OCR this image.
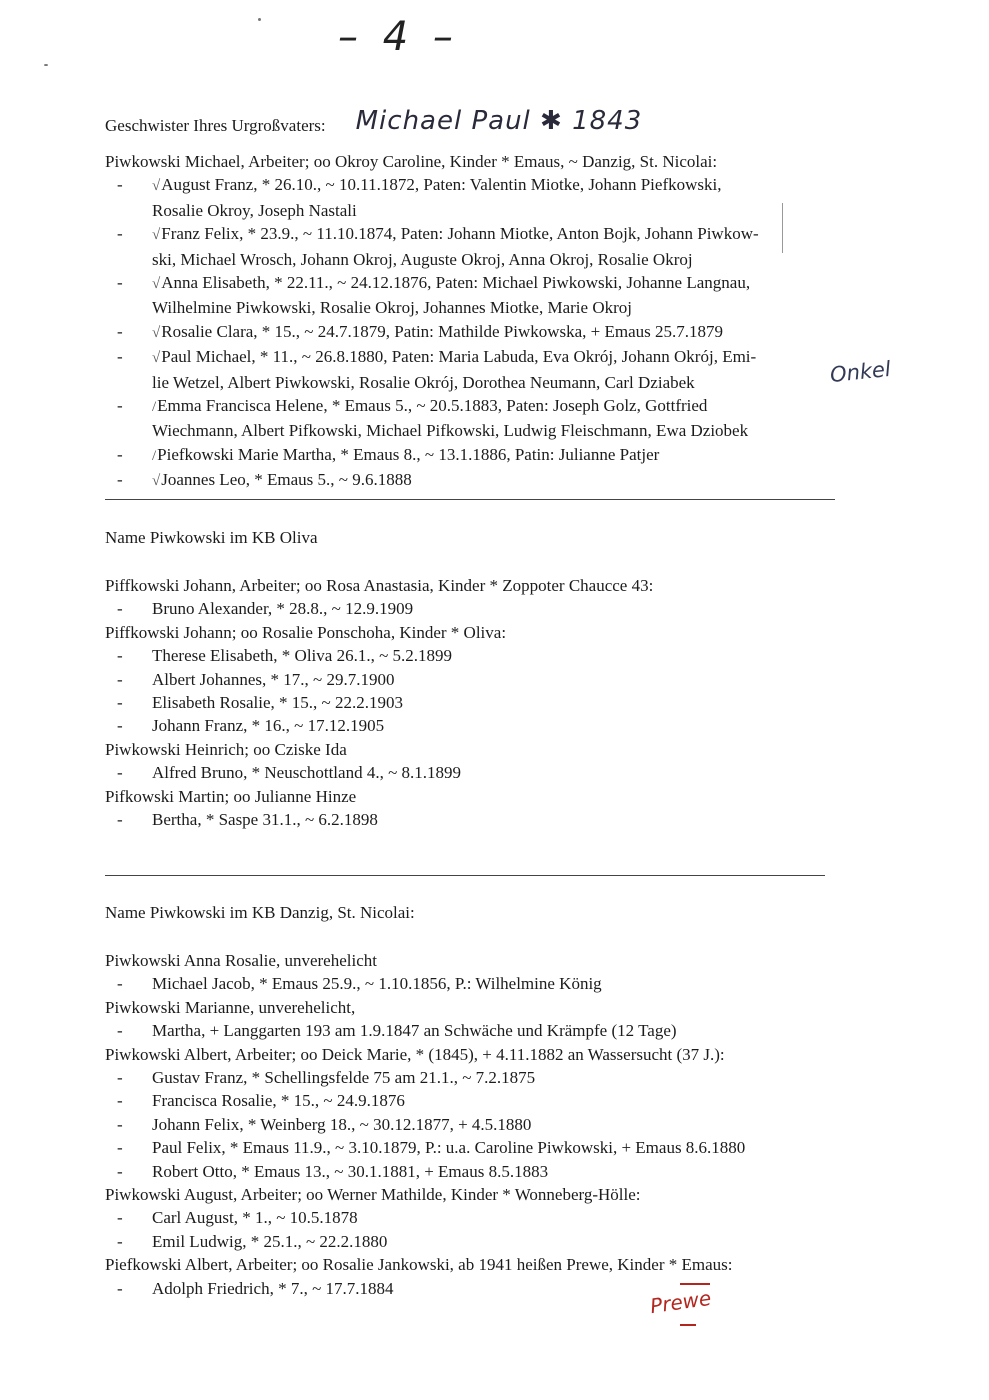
– 4 –
Geschwister Ihres Urgroßvaters: Michael Paul ✱ 1843
Piwkowski Michael, Arbeiter; oo Okroy Caroline, Kinder * Emaus, ~ Danzig, St. Nicolai:
-	√August Franz, * 26.10., ~ 10.11.1872, Paten: Valentin Miotke, Johann Piefkowski,
Rosalie Okroy, Joseph Nastali
-	√Franz Felix, * 23.9., ~ 11.10.1874, Paten: Johann Miotke, Anton Bojk, Johann Piwkow-
ski, Michael Wrosch, Johann Okroj, Auguste Okroj, Anna Okroj, Rosalie Okroj
-	√Anna Elisabeth, * 22.11., ~ 24.12.1876, Paten: Michael Piwkowski, Johanne Langnau,
Wilhelmine Piwkowski, Rosalie Okroj, Johannes Miotke, Marie Okroj
-	√Rosalie Clara, * 15., ~ 24.7.1879, Patin: Mathilde Piwkowska, + Emaus 25.7.1879
-	√Paul Michael, * 11., ~ 26.8.1880, Paten: Maria Labuda, Eva Okrój, Johann Okrój, Emi-
lie Wetzel, Albert Piwkowski, Rosalie Okrój, Dorothea Neumann, Carl Dziabek
-	/Emma Francisca Helene, * Emaus 5., ~ 20.5.1883, Paten: Joseph Golz, Gottfried
Wiechmann, Albert Pifkowski, Michael Pifkowski, Ludwig Fleischmann, Ewa Dziobek
-	/Piefkowski Marie Martha, * Emaus 8., ~ 13.1.1886, Patin: Julianne Patjer
-	√Joannes Leo, * Emaus 5., ~ 9.6.1888
Onkel
Name Piwkowski im KB Oliva
Piffkowski Johann, Arbeiter; oo Rosa Anastasia, Kinder * Zoppoter Chaucce 43:
-	Bruno Alexander, * 28.8., ~ 12.9.1909
Piffkowski Johann; oo Rosalie Ponschoha, Kinder * Oliva:
-	Therese Elisabeth, * Oliva 26.1., ~ 5.2.1899
-	Albert Johannes, * 17., ~ 29.7.1900
-	Elisabeth Rosalie, * 15., ~ 22.2.1903
-	Johann Franz, * 16., ~ 17.12.1905
Piwkowski Heinrich; oo Cziske Ida
-	Alfred Bruno, * Neuschottland 4., ~ 8.1.1899
Pifkowski Martin; oo Julianne Hinze
-	Bertha, * Saspe 31.1., ~ 6.2.1898
Name Piwkowski im KB Danzig, St. Nicolai:
Piwkowski Anna Rosalie, unverehelicht
-	Michael Jacob, * Emaus 25.9., ~ 1.10.1856, P.: Wilhelmine König
Piwkowski Marianne, unverehelicht,
-	Martha, + Langgarten 193 am 1.9.1847 an Schwäche und Krämpfe (12 Tage)
Piwkowski Albert, Arbeiter; oo Deick Marie, * (1845), + 4.11.1882 an Wassersucht (37 J.):
-	Gustav Franz, * Schellingsfelde 75 am 21.1., ~ 7.2.1875
-	Francisca Rosalie, * 15., ~ 24.9.1876
-	Johann Felix, * Weinberg 18., ~ 30.12.1877, + 4.5.1880
-	Paul Felix, * Emaus 11.9., ~ 3.10.1879, P.: u.a. Caroline Piwkowski, + Emaus 8.6.1880
-	Robert Otto, * Emaus 13., ~ 30.1.1881, + Emaus 8.5.1883
Piwkowski August, Arbeiter; oo Werner Mathilde, Kinder * Wonneberg-Hölle:
-	Carl August, * 1., ~ 10.5.1878
-	Emil Ludwig, * 25.1., ~ 22.2.1880
Piefkowski Albert, Arbeiter; oo Rosalie Jankowski, ab 1941 heißen Prewe, Kinder * Emaus:
-	Adolph Friedrich, * 7., ~ 17.7.1884	Prewe
